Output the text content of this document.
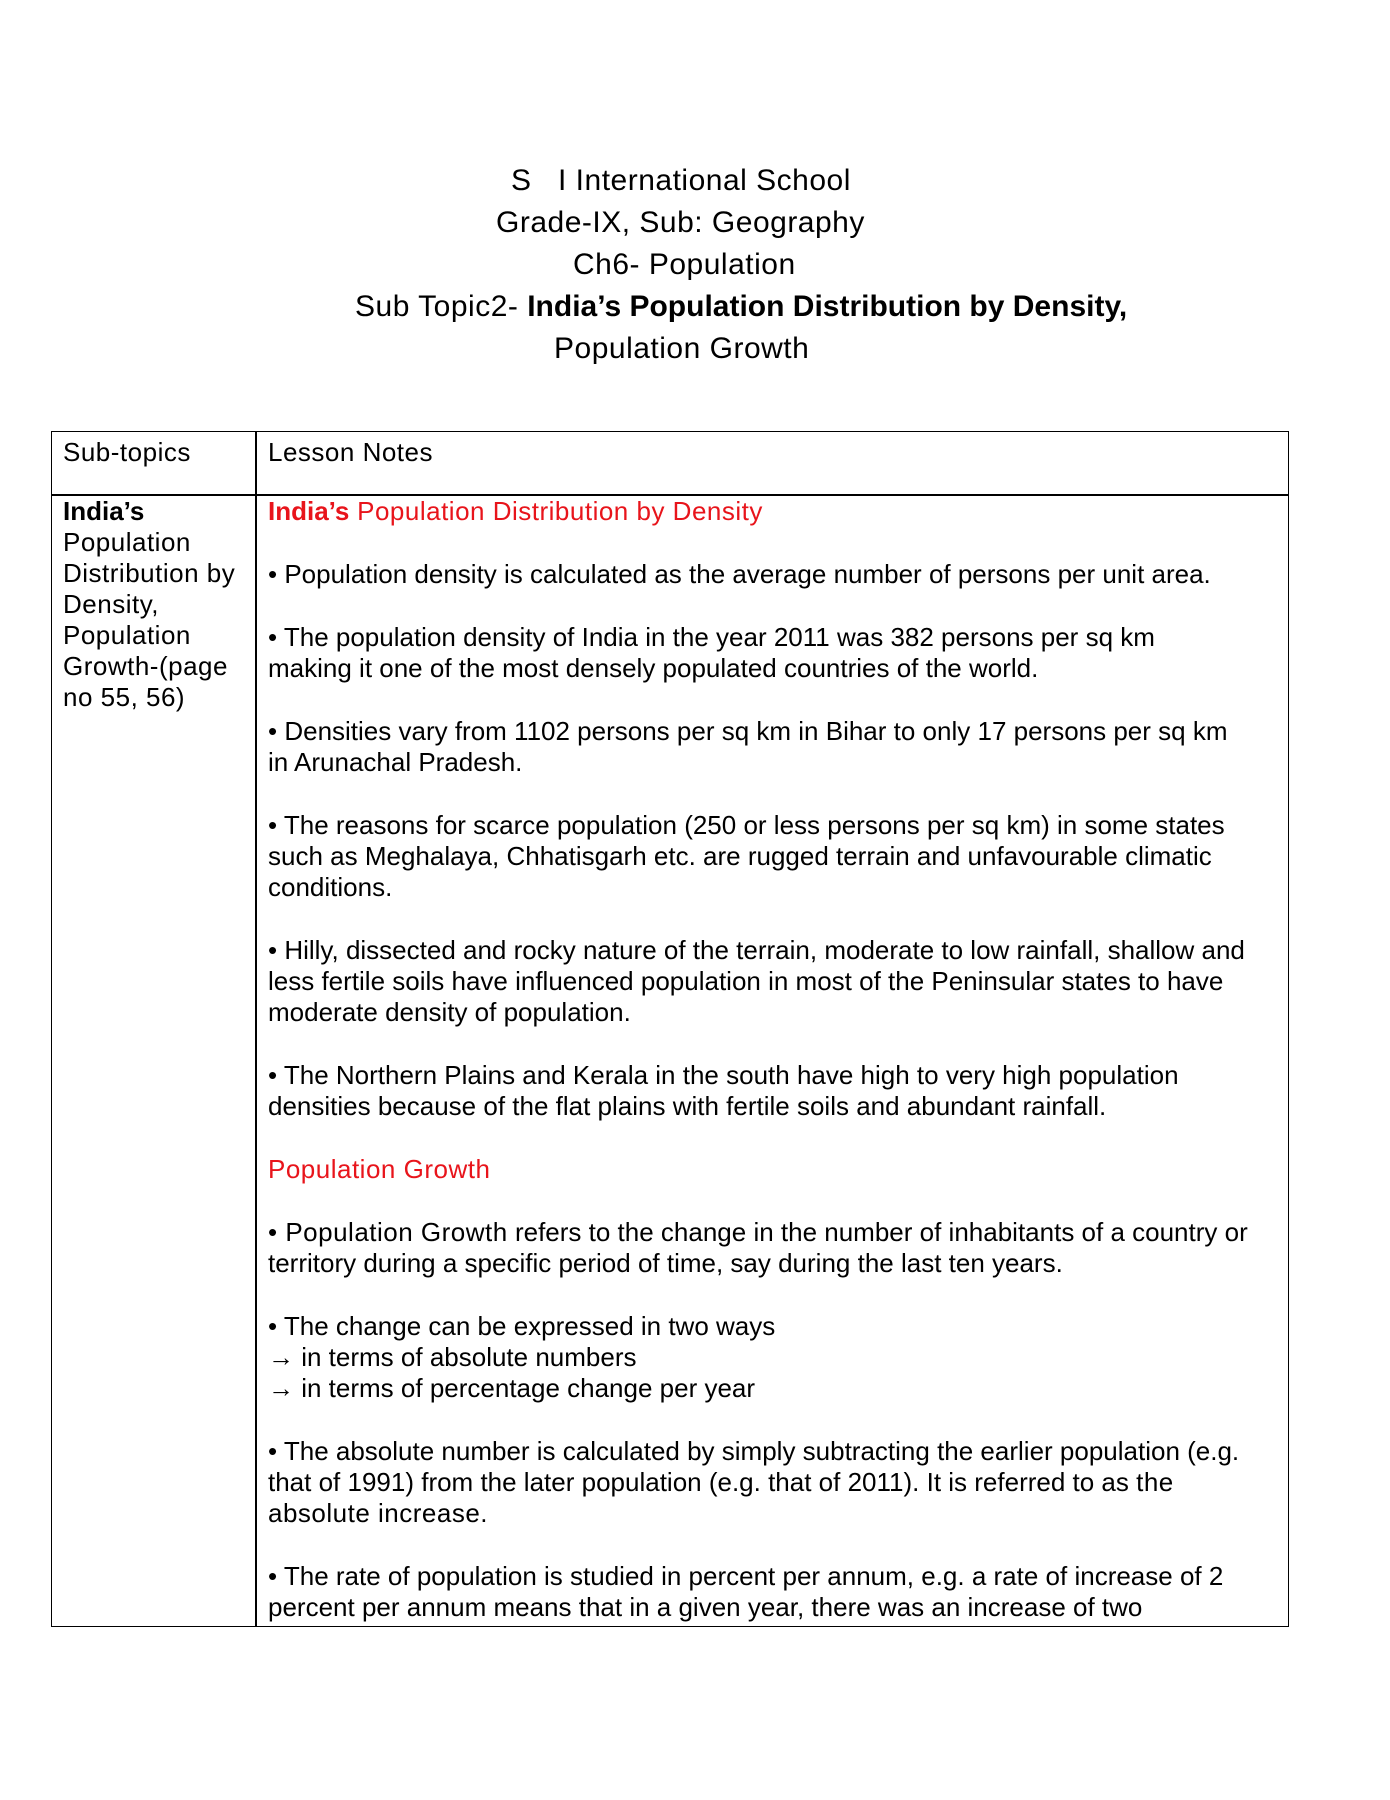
S   I International School
Grade-IX, Sub: Geography
Ch6- Population
Sub Topic2- India’s Population Distribution by Density,
Population Growth
Sub-topics	Lesson Notes
India’s
Population Distribution by Density, Population Growth-(page no 55, 56)

India’s Population Distribution by Density

• Population density is calculated as the average number of persons per unit area.

• The population density of India in the year 2011 was 382 persons per sq km making it one of the most densely populated countries of the world.

• Densities vary from 1102 persons per sq km in Bihar to only 17 persons per sq km in Arunachal Pradesh.

• The reasons for scarce population (250 or less persons per sq km) in some states such as Meghalaya, Chhatisgarh etc. are rugged terrain and unfavourable climatic conditions.

• Hilly, dissected and rocky nature of the terrain, moderate to low rainfall, shallow and less fertile soils have influenced population in most of the Peninsular states to have moderate density of population.

• The Northern Plains and Kerala in the south have high to very high population densities because of the flat plains with fertile soils and abundant rainfall.

Population Growth

• Population Growth refers to the change in the number of inhabitants of a country or territory during a specific period of time, say during the last ten years.

• The change can be expressed in two ways
→ in terms of absolute numbers
→ in terms of percentage change per year

• The absolute number is calculated by simply subtracting the earlier population (e.g. that of 1991) from the later population (e.g. that of 2011). It is referred to as the absolute increase.

• The rate of population is studied in percent per annum, e.g. a rate of increase of 2 percent per annum means that in a given year, there was an increase of two
